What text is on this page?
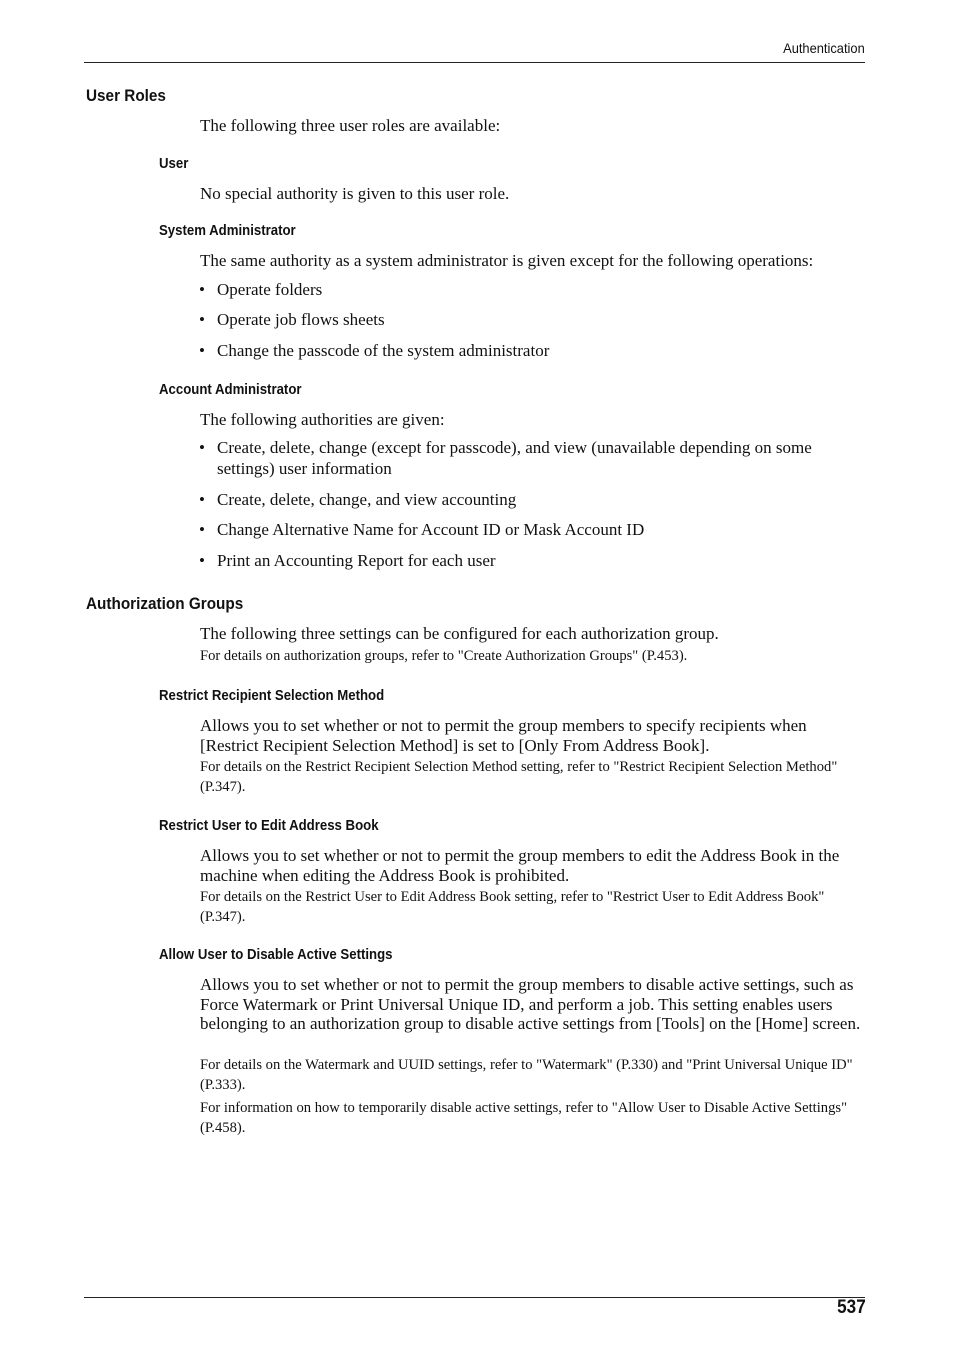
Authentication
User Roles
The following three user roles are available:
User
No special authority is given to this user role.
System Administrator
The same authority as a system administrator is given except for the following operations:
• Operate folders
• Operate job flows sheets
• Change the passcode of the system administrator
Account Administrator
The following authorities are given:
• Create, delete, change (except for passcode), and view (unavailable depending on some settings) user information
• Create, delete, change, and view accounting
• Change Alternative Name for Account ID or Mask Account ID
• Print an Accounting Report for each user
Authorization Groups
The following three settings can be configured for each authorization group.
For details on authorization groups, refer to "Create Authorization Groups" (P.453).
Restrict Recipient Selection Method
Allows you to set whether or not to permit the group members to specify recipients when [Restrict Recipient Selection Method] is set to [Only From Address Book].
For details on the Restrict Recipient Selection Method setting, refer to "Restrict Recipient Selection Method" (P.347).
Restrict User to Edit Address Book
Allows you to set whether or not to permit the group members to edit the Address Book in the machine when editing the Address Book is prohibited.
For details on the Restrict User to Edit Address Book setting, refer to "Restrict User to Edit Address Book" (P.347).
Allow User to Disable Active Settings
Allows you to set whether or not to permit the group members to disable active settings, such as Force Watermark or Print Universal Unique ID, and perform a job. This setting enables users belonging to an authorization group to disable active settings from [Tools] on the [Home] screen.
For details on the Watermark and UUID settings, refer to "Watermark" (P.330) and "Print Universal Unique ID" (P.333).
For information on how to temporarily disable active settings, refer to "Allow User to Disable Active Settings" (P.458).
537
